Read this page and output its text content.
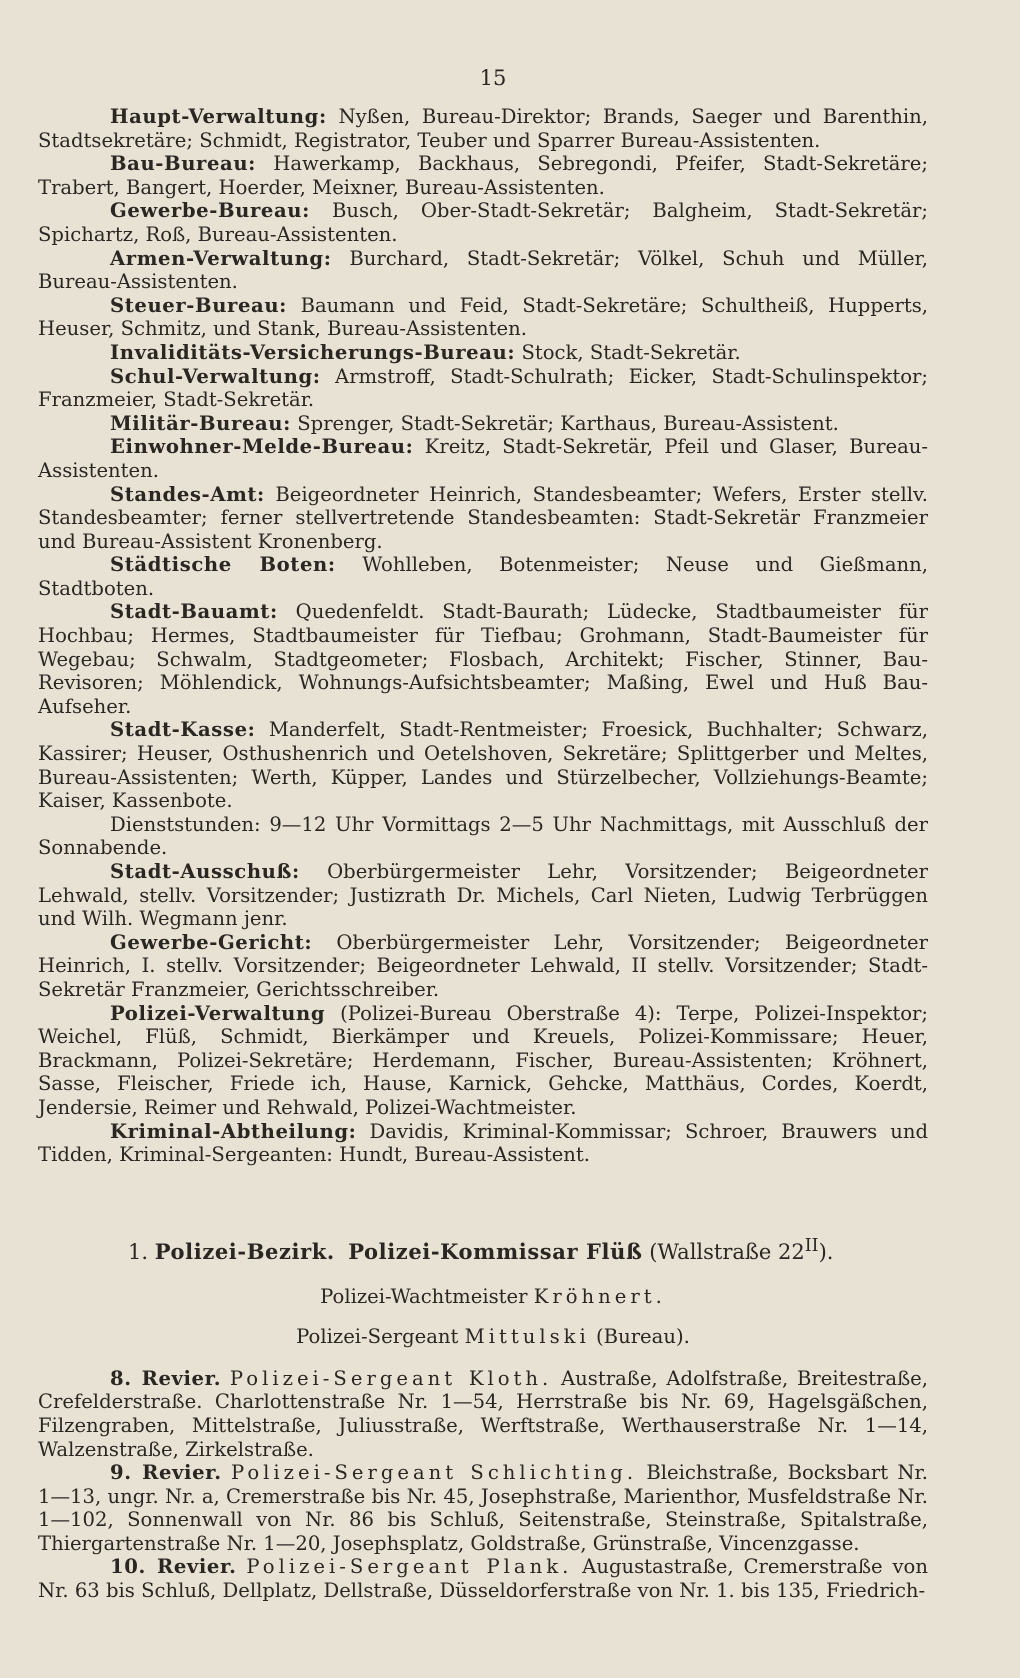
15

Haupt-Verwaltung: Nyßen, Bureau-Direktor; Brands, Saeger und Barenthin, Stadtsekretäre; Schmidt, Registrator, Teuber und Sparrer Bureau-Assistenten.

Bau-Bureau: Hawerkamp, Backhaus, Sebregondi, Pfeifer, Stadt-Sekretäre; Trabert, Bangert, Hoerder, Meixner, Bureau-Assistenten.

Gewerbe-Bureau: Busch, Ober-Stadt-Sekretär; Balgheim, Stadt-Sekretär; Spichartz, Roß, Bureau-Assistenten.

Armen-Verwaltung: Burchard, Stadt-Sekretär; Völkel, Schuh und Müller, Bureau-Assistenten.

Steuer-Bureau: Baumann und Feid, Stadt-Sekretäre; Schultheiß, Hupperts, Heuser, Schmitz, und Stank, Bureau-Assistenten.

Invaliditäts-Versicherungs-Bureau: Stock, Stadt-Sekretär.

Schul-Verwaltung: Armstroff, Stadt-Schulrath; Eicker, Stadt-Schulinspektor; Franzmeier, Stadt-Sekretär.

Militär-Bureau: Sprenger, Stadt-Sekretär; Karthaus, Bureau-Assistent.

Einwohner-Melde-Bureau: Kreitz, Stadt-Sekretär, Pfeil und Glaser, Bureau-Assistenten.

Standes-Amt: Beigeordneter Heinrich, Standesbeamter; Wefers, Erster stellv. Standesbeamter; ferner stellvertretende Standesbeamten: Stadt-Sekretär Franzmeier und Bureau-Assistent Kronenberg.

Städtische Boten: Wohlleben, Botenmeister; Neuse und Gießmann, Stadtboten.

Stadt-Bauamt: Quedenfeldt. Stadt-Baurath; Lüdecke, Stadtbaumeister für Hochbau; Hermes, Stadtbaumeister für Tiefbau; Grohmann, Stadt-Baumeister für Wegebau; Schwalm, Stadtgeometer; Flosbach, Architekt; Fischer, Stinner, Bau-Revisoren; Möhlendick, Wohnungs-Aufsichtsbeamter; Maßing, Ewel und Huß Bau-Aufseher.

Stadt-Kasse: Manderfelt, Stadt-Rentmeister; Froesick, Buchhalter; Schwarz, Kassirer; Heuser, Osthushenrich und Oetelshoven, Sekretäre; Splittgerber und Meltes, Bureau-Assistenten; Werth, Küpper, Landes und Stürzelbecher, Vollziehungs-Beamte; Kaiser, Kassenbote.

Dienststunden: 9—12 Uhr Vormittags 2—5 Uhr Nachmittags, mit Ausschluß der Sonnabende.

Stadt-Ausschuß: Oberbürgermeister Lehr, Vorsitzender; Beigeordneter Lehwald, stellv. Vorsitzender; Justizrath Dr. Michels, Carl Nieten, Ludwig Terbrüggen und Wilh. Wegmann jenr.

Gewerbe-Gericht: Oberbürgermeister Lehr, Vorsitzender; Beigeordneter Heinrich, I. stellv. Vorsitzender; Beigeordneter Lehwald, II stellv. Vorsitzender; Stadt-Sekretär Franzmeier, Gerichtsschreiber.

Polizei-Verwaltung (Polizei-Bureau Oberstraße 4): Terpe, Polizei-Inspektor; Weichel, Flüß, Schmidt, Bierkämper und Kreuels, Polizei-Kommissare; Heuer, Brackmann, Polizei-Sekretäre; Herdemann, Fischer, Bureau-Assistenten; Kröhnert, Sasse, Fleischer, Friede ich, Hause, Karnick, Gehcke, Matthäus, Cordes, Koerdt, Jendersie, Reimer und Rehwald, Polizei-Wachtmeister.

Kriminal-Abtheilung: Davidis, Kriminal-Kommissar; Schroer, Brauwers und Tidden, Kriminal-Sergeanten: Hundt, Bureau-Assistent.

1. Polizei-Bezirk. Polizei-Kommissar Flüß (Wallstraße $22^{II}$).
Polizei-Wachtmeister Kröhnert.
Polizei-Sergeant Mittulski (Bureau).

8. Revier. Polizei-Sergeant Kloth. Austraße, Adolfstraße, Breitestraße, Crefelderstraße. Charlottenstraße Nr. 1—54, Herrstraße bis Nr. 69, Hagelsgäßchen, Filzengraben, Mittelstraße, Juliusstraße, Werftstraße, Werthauserstraße Nr. 1—14, Walzenstraße, Zirkelstraße.

9. Revier. Polizei-Sergeant Schlichting. Bleichstraße, Bocksbart Nr. 1—13, ungr. Nr. a, Cremerstraße bis Nr. 45, Josephstraße, Marienthor, Musfeldstraße Nr. 1—102, Sonnenwall von Nr. 86 bis Schluß, Seitenstraße, Steinstraße, Spitalstraße, Thiergartenstraße Nr. 1—20, Josephsplatz, Goldstraße, Grünstraße, Vincenzgasse.

10. Revier. Polizei-Sergeant Plank. Augustastraße, Cremerstraße von Nr. 63 bis Schluß, Dellplatz, Dellstraße, Düsseldorferstraße von Nr. 1. bis 135, Friedrich-
